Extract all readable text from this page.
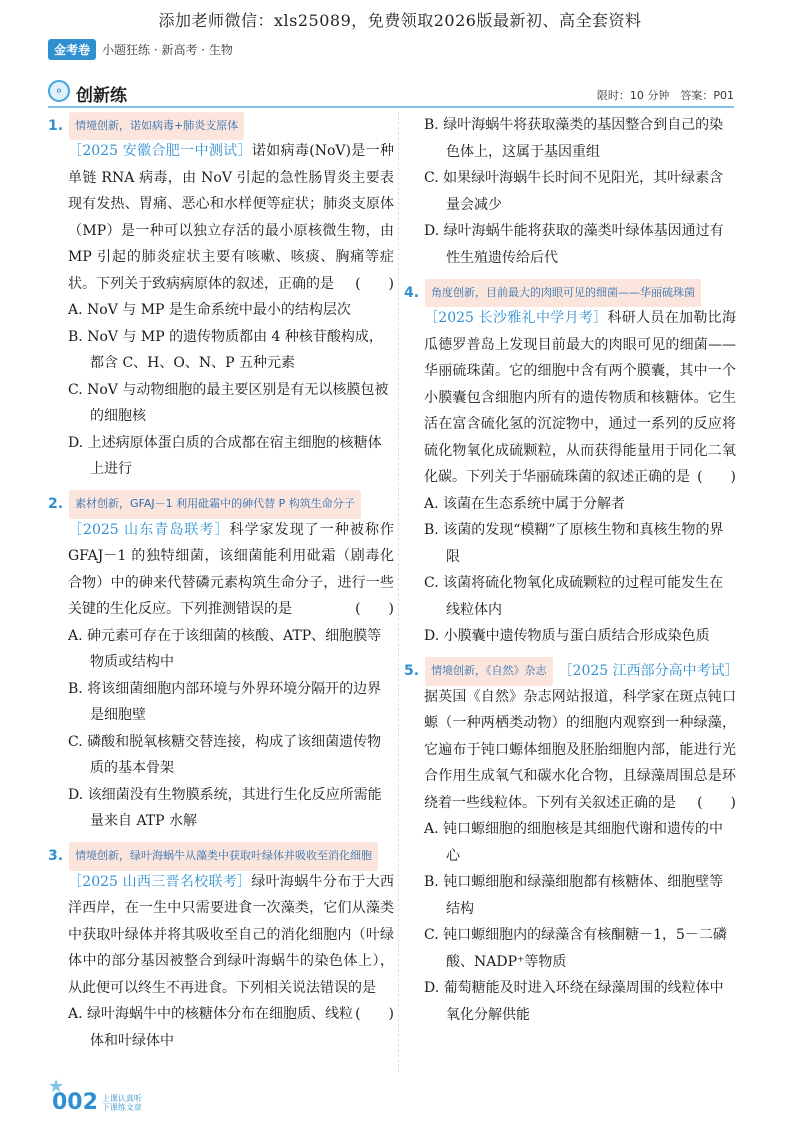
添加老师微信：xls25089，免费领取2026版最新初、高全套资料
金考卷	小题狂练 · 新高考 · 生物
⚬ 创新练	限时：10 分钟　答案：P01
1.	情境创新，诺如病毒+肺炎支原体
［2025 安徽合肥一中测试］诺如病毒(NoV)是一种单链 RNA 病毒，由 NoV 引起的急性肠胃炎主要表现有发热、胃痛、恶心和水样便等症状；肺炎支原体（MP）是一种可以独立存活的最小原核微生物，由 MP 引起的肺炎症状主要有咳嗽、咳痰、胸痛等症状。下列关于致病病原体的叙述，正确的是 (　　)
A. NoV 与 MP 是生命系统中最小的结构层次
B. NoV 与 MP 的遗传物质都由 4 种核苷酸构成，都含 C、H、O、N、P 五种元素
C. NoV 与动物细胞的最主要区别是有无以核膜包被的细胞核
D. 上述病原体蛋白质的合成都在宿主细胞的核糖体上进行
2.	素材创新，GFAJ－1 利用砒霜中的砷代替 P 构筑生命分子
［2025 山东青岛联考］科学家发现了一种被称作 GFAJ－1 的独特细菌，该细菌能利用砒霜（剧毒化合物）中的砷来代替磷元素构筑生命分子，进行一些关键的生化反应。下列推测错误的是	(　　)
A. 砷元素可存在于该细菌的核酸、ATP、细胞膜等物质或结构中
B. 将该细菌细胞内部环境与外界环境分隔开的边界是细胞壁
C. 磷酸和脱氧核糖交替连接，构成了该细菌遗传物质的基本骨架
D. 该细菌没有生物膜系统，其进行生化反应所需能量来自 ATP 水解
3.	情境创新，绿叶海蜗牛从藻类中获取叶绿体并吸收至消化细胞
［2025 山西三晋名校联考］绿叶海蜗牛分布于大西洋西岸，在一生中只需要进食一次藻类，它们从藻类中获取叶绿体并将其吸收至自己的消化细胞内（叶绿体中的部分基因被整合到绿叶海蜗牛的染色体上），从此便可以终生不再进食。下列相关说法错误的是
(　　)
A. 绿叶海蜗牛中的核糖体分布在细胞质、线粒体和叶绿体中
B. 绿叶海蜗牛将获取藻类的基因整合到自己的染色体上，这属于基因重组
C. 如果绿叶海蜗牛长时间不见阳光，其叶绿素含量会减少
D. 绿叶海蜗牛能将获取的藻类叶绿体基因通过有性生殖遗传给后代
4.	角度创新，目前最大的肉眼可见的细菌——华丽硫珠菌
［2025 长沙雅礼中学月考］科研人员在加勒比海瓜德罗普岛上发现目前最大的肉眼可见的细菌——华丽硫珠菌。它的细胞中含有两个膜囊，其中一个小膜囊包含细胞内所有的遗传物质和核糖体。它生活在富含硫化氢的沉淀物中，通过一系列的反应将硫化物氧化成硫颗粒，从而获得能量用于同化二氧化碳。下列关于华丽硫珠菌的叙述正确的是 (　　)
A. 该菌在生态系统中属于分解者
B. 该菌的发现“模糊”了原核生物和真核生物的界限
C. 该菌将硫化物氧化成硫颗粒的过程可能发生在线粒体内
D. 小膜囊中遗传物质与蛋白质结合形成染色质
5.	情境创新，《自然》杂志 ［2025 江西部分高中考试］
据英国《自然》杂志网站报道，科学家在斑点钝口螈（一种两栖类动物）的细胞内观察到一种绿藻，它遍布于钝口螈体细胞及胚胎细胞内部，能进行光合作用生成氧气和碳水化合物，且绿藻周围总是环绕着一些线粒体。下列有关叙述正确的是 (　　)
A. 钝口螈细胞的细胞核是其细胞代谢和遗传的中心
B. 钝口螈细胞和绿藻细胞都有核糖体、细胞壁等结构
C. 钝口螈细胞内的绿藻含有核酮糖－1，5－二磷酸、NADP⁺等物质
D. 葡萄糖能及时进入环绕在绿藻周围的线粒体中氧化分解供能
★
002 上课认真听 下课练文章
